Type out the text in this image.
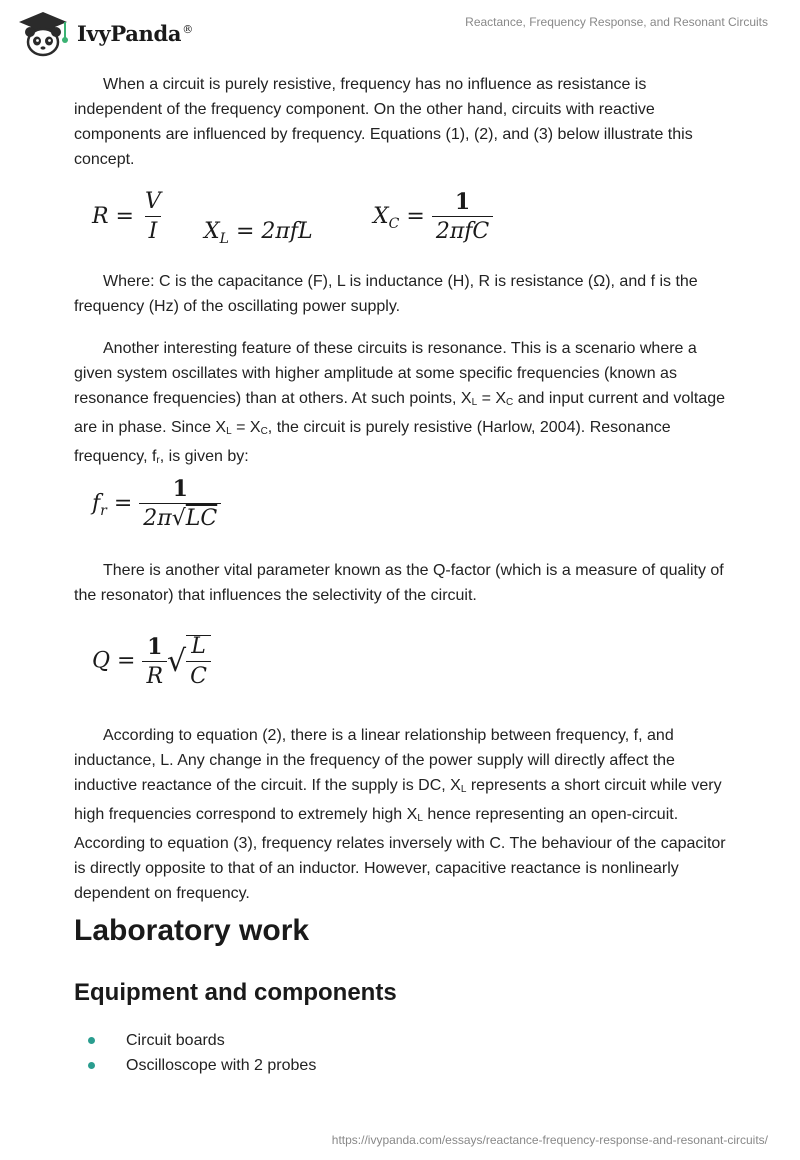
IvyPanda®
Reactance, Frequency Response, and Resonant Circuits

When a circuit is purely resistive, frequency has no influence as resistance is independent of the frequency component. On the other hand, circuits with reactive components are influenced by frequency. Equations (1), (2), and (3) below illustrate this concept.

$R = \frac{V}{I} X_L = 2\pi fL$
$X_C = \frac{1}{\text{2πfC}}$

Where: C is the capacitance (F), L is inductance (H), R is resistance (Ω), and f is the frequency (Hz) of the oscillating power supply.

Another interesting feature of these circuits is resonance. This is a scenario where a given system oscillates with higher amplitude at some specific frequencies (known as resonance frequencies) than at others. At such points, $X_L = X_C$ and input current and voltage are in phase. Since $X_L = X_C$, the circuit is purely resistive (Harlow, 2004). Resonance frequency, $f_r$, is given by:

$f_r = \frac{1}{2\pi√LC}$

There is another vital parameter known as the Q-factor (which is a measure of quality of the resonator) that influences the selectivity of the circuit.

$Q = \frac{1}{R}$ √ $\frac{L}{C}$

According to equation (2), there is a linear relationship between frequency, f, and inductance, L. Any change in the frequency of the power supply will directly affect the inductive reactance of the circuit. If the supply is DC, $X_L$ represents a short circuit while very high frequencies correspond to extremely high $X_L$ hence representing an open-circuit. According to equation (3), frequency relates inversely with C. The behaviour of the capacitor is directly opposite to that of an inductor. However, capacitive reactance is nonlinearly dependent on frequency.

Laboratory work
Equipment and components
Circuit boards
Oscilloscope with 2 probes
https://ivypanda.com/essays/reactance-frequency-response-and-resonant-circuits/
